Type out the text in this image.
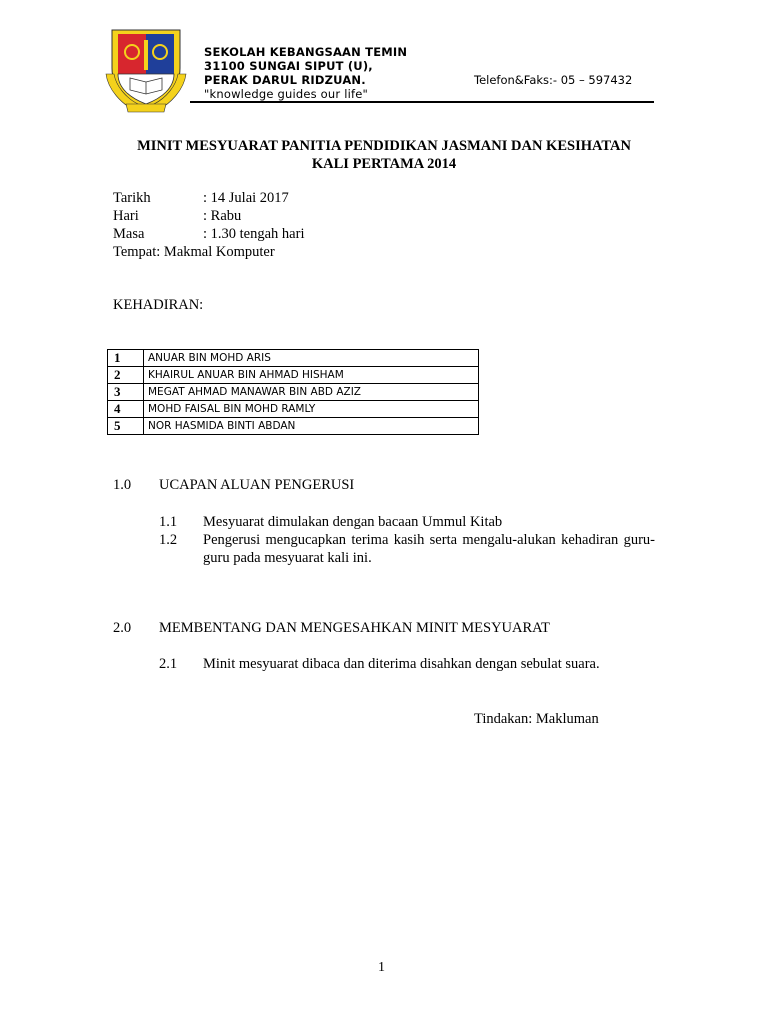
SEKOLAH KEBANGSAAN TEMIN
31100 SUNGAI SIPUT (U),
PERAK DARUL RIDZUAN.
"knowledge guides our life"
Telefon&Faks:- 05 – 597432
MINIT MESYUARAT PANITIA PENDIDIKAN JASMANI DAN KESIHATAN
KALI PERTAMA 2014
Tarikh	: 14 Julai 2017
Hari	: Rabu
Masa	: 1.30 tengah hari
Tempat: Makmal Komputer
KEHADIRAN:
1	ANUAR BIN MOHD ARIS
2	KHAIRUL ANUAR BIN AHMAD HISHAM
3	MEGAT AHMAD MANAWAR BIN ABD AZIZ
4	MOHD FAISAL BIN MOHD RAMLY
5	NOR HASMIDA BINTI ABDAN
1.0 UCAPAN ALUAN PENGERUSI
1.1 Mesyuarat dimulakan dengan bacaan Ummul Kitab
1.2 Pengerusi mengucapkan terima kasih serta mengalu-alukan kehadiran guru-guru pada mesyuarat kali ini.
2.0 MEMBENTANG DAN MENGESAHKAN MINIT MESYUARAT
2.1 Minit mesyuarat dibaca dan diterima disahkan dengan sebulat suara.
Tindakan: Makluman
1
